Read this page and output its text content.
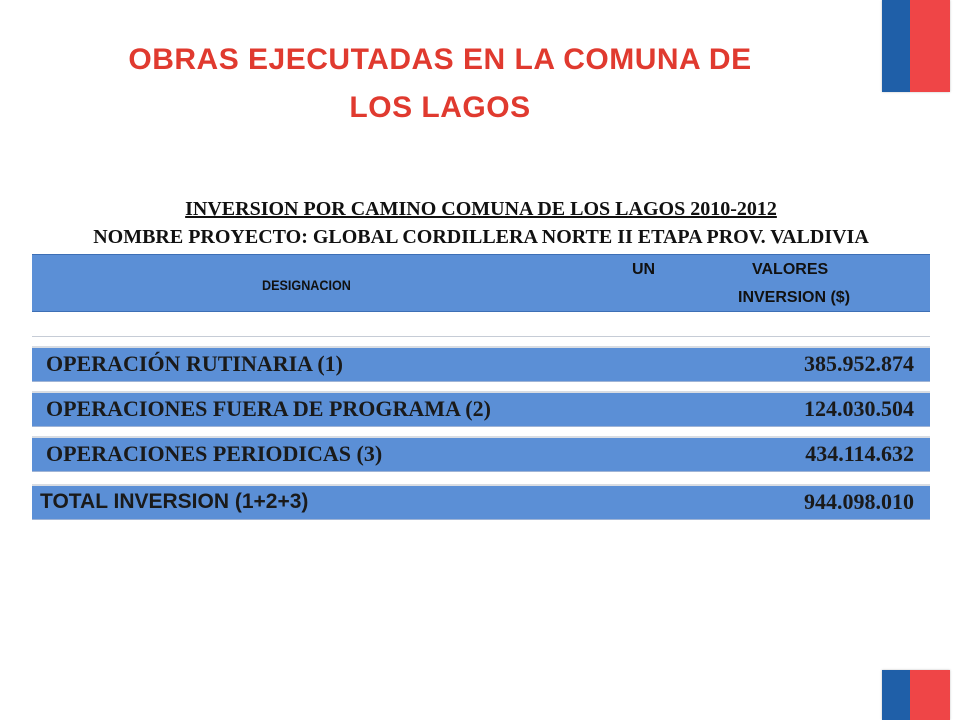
OBRAS EJECUTADAS EN LA COMUNA DE
LOS LAGOS
INVERSION POR CAMINO COMUNA DE LOS LAGOS 2010-2012
NOMBRE PROYECTO: GLOBAL CORDILLERA NORTE II ETAPA PROV. VALDIVIA
DESIGNACION
UN	VALORES
INVERSION ($)
OPERACIÓN RUTINARIA (1)	385.952.874
OPERACIONES FUERA DE PROGRAMA (2)	124.030.504
OPERACIONES PERIODICAS (3)	434.114.632
TOTAL INVERSION (1+2+3)	944.098.010
